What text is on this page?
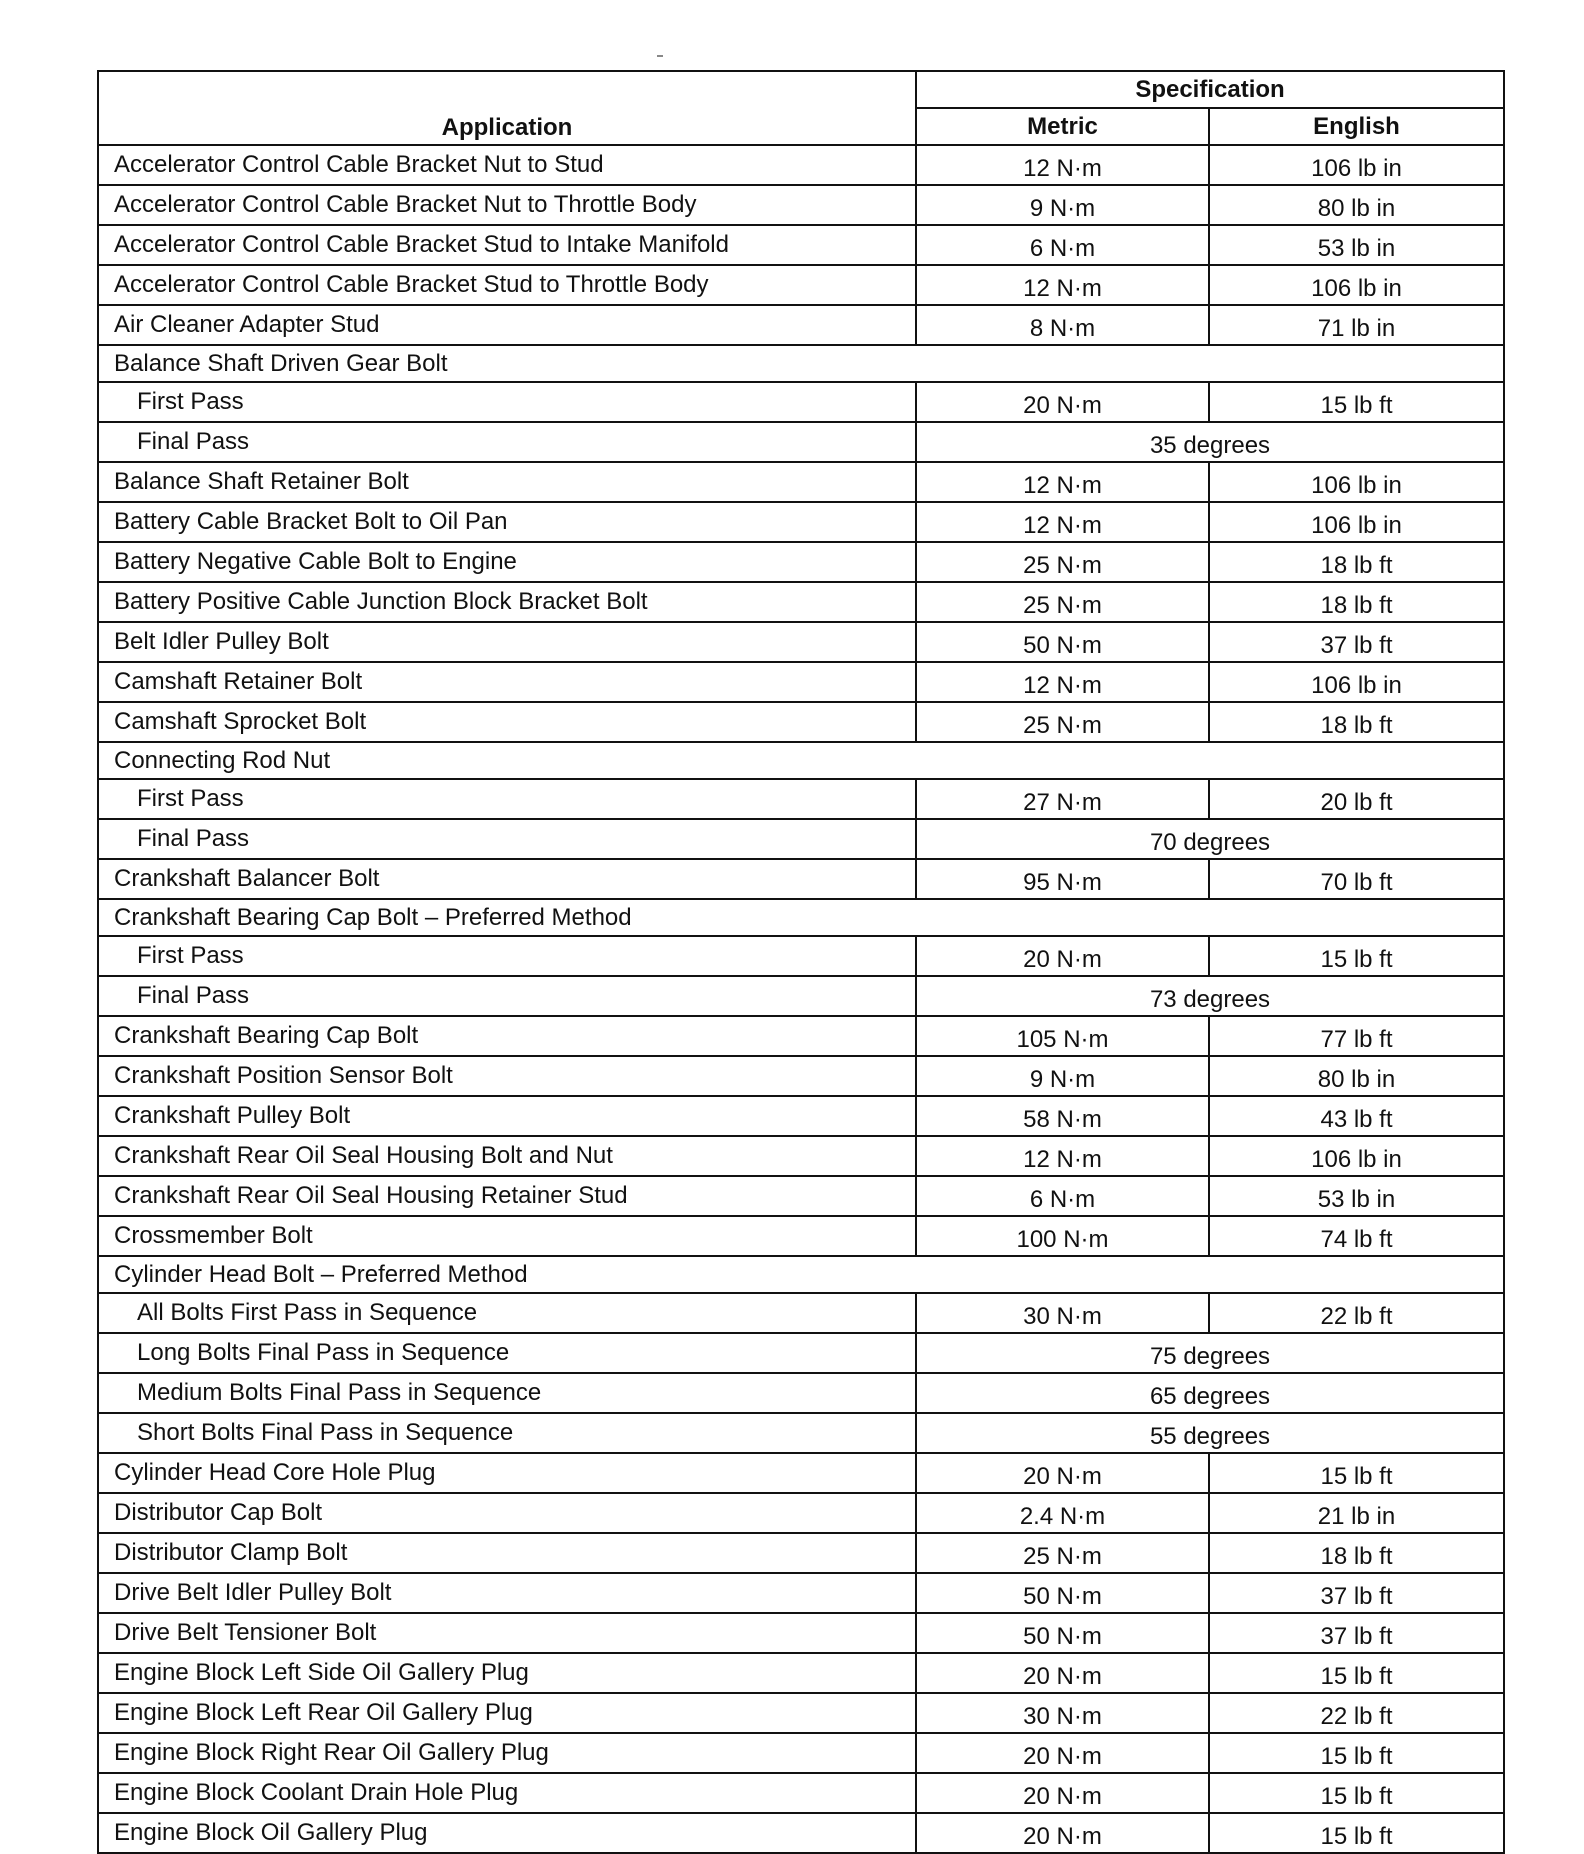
Application	Specification	
	Metric	English
Accelerator Control Cable Bracket Nut to Stud	12 N·m	106 lb in
Accelerator Control Cable Bracket Nut to Throttle Body	9 N·m	80 lb in
Accelerator Control Cable Bracket Stud to Intake Manifold	6 N·m	53 lb in
Accelerator Control Cable Bracket Stud to Throttle Body	12 N·m	106 lb in
Air Cleaner Adapter Stud	8 N·m	71 lb in
Balance Shaft Driven Gear Bolt		
First Pass	20 N·m	15 lb ft
Final Pass	35 degrees	
Balance Shaft Retainer Bolt	12 N·m	106 lb in
Battery Cable Bracket Bolt to Oil Pan	12 N·m	106 lb in
Battery Negative Cable Bolt to Engine	25 N·m	18 lb ft
Battery Positive Cable Junction Block Bracket Bolt	25 N·m	18 lb ft
Belt Idler Pulley Bolt	50 N·m	37 lb ft
Camshaft Retainer Bolt	12 N·m	106 lb in
Camshaft Sprocket Bolt	25 N·m	18 lb ft
Connecting Rod Nut		
First Pass	27 N·m	20 lb ft
Final Pass	70 degrees	
Crankshaft Balancer Bolt	95 N·m	70 lb ft
Crankshaft Bearing Cap Bolt – Preferred Method		
First Pass	20 N·m	15 lb ft
Final Pass	73 degrees	
Crankshaft Bearing Cap Bolt	105 N·m	77 lb ft
Crankshaft Position Sensor Bolt	9 N·m	80 lb in
Crankshaft Pulley Bolt	58 N·m	43 lb ft
Crankshaft Rear Oil Seal Housing Bolt and Nut	12 N·m	106 lb in
Crankshaft Rear Oil Seal Housing Retainer Stud	6 N·m	53 lb in
Crossmember Bolt	100 N·m	74 lb ft
Cylinder Head Bolt – Preferred Method		
All Bolts First Pass in Sequence	30 N·m	22 lb ft
Long Bolts Final Pass in Sequence	75 degrees	
Medium Bolts Final Pass in Sequence	65 degrees	
Short Bolts Final Pass in Sequence	55 degrees	
Cylinder Head Core Hole Plug	20 N·m	15 lb ft
Distributor Cap Bolt	2.4 N·m	21 lb in
Distributor Clamp Bolt	25 N·m	18 lb ft
Drive Belt Idler Pulley Bolt	50 N·m	37 lb ft
Drive Belt Tensioner Bolt	50 N·m	37 lb ft
Engine Block Left Side Oil Gallery Plug	20 N·m	15 lb ft
Engine Block Left Rear Oil Gallery Plug	30 N·m	22 lb ft
Engine Block Right Rear Oil Gallery Plug	20 N·m	15 lb ft
Engine Block Coolant Drain Hole Plug	20 N·m	15 lb ft
Engine Block Oil Gallery Plug	20 N·m	15 lb ft
